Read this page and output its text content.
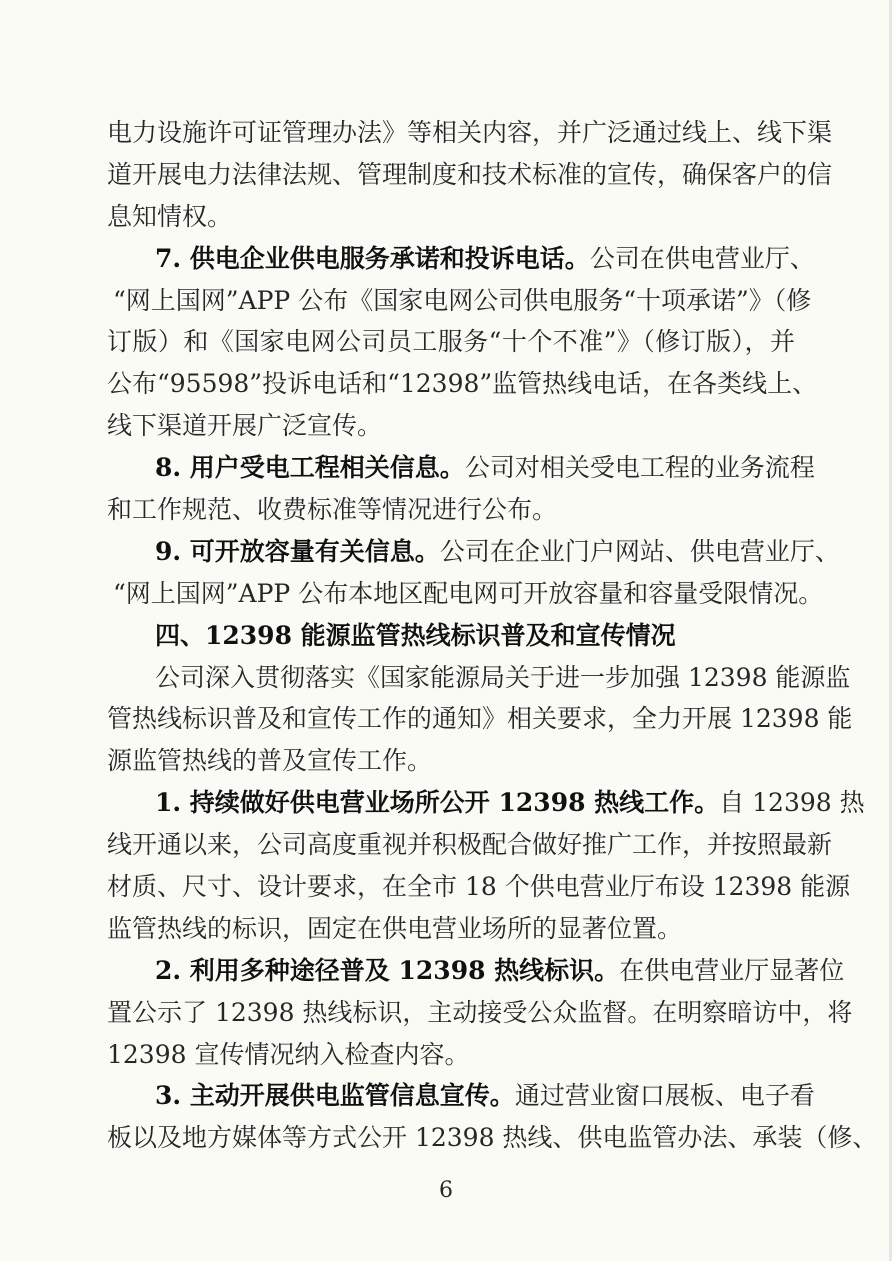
电力设施许可证管理办法》等相关内容，并广泛通过线上、线下渠
道开展电力法律法规、管理制度和技术标准的宣传，确保客户的信
息知情权。
7. 供电企业供电服务承诺和投诉电话。公司在供电营业厅、
“网上国网”APP 公布《国家电网公司供电服务“十项承诺”》（修
订版）和《国家电网公司员工服务“十个不准”》（修订版），并
公布“95598”投诉电话和“12398”监管热线电话，在各类线上、
线下渠道开展广泛宣传。
8. 用户受电工程相关信息。公司对相关受电工程的业务流程
和工作规范、收费标准等情况进行公布。
9. 可开放容量有关信息。公司在企业门户网站、供电营业厅、
“网上国网”APP 公布本地区配电网可开放容量和容量受限情况。
四、12398 能源监管热线标识普及和宣传情况
公司深入贯彻落实《国家能源局关于进一步加强 12398 能源监
管热线标识普及和宣传工作的通知》相关要求，全力开展 12398 能
源监管热线的普及宣传工作。
1. 持续做好供电营业场所公开 12398 热线工作。自 12398 热
线开通以来，公司高度重视并积极配合做好推广工作，并按照最新
材质、尺寸、设计要求，在全市 18 个供电营业厅布设 12398 能源
监管热线的标识，固定在供电营业场所的显著位置。
2. 利用多种途径普及 12398 热线标识。在供电营业厅显著位
置公示了 12398 热线标识，主动接受公众监督。在明察暗访中，将
12398 宣传情况纳入检查内容。
3. 主动开展供电监管信息宣传。通过营业窗口展板、电子看
板以及地方媒体等方式公开 12398 热线、供电监管办法、承装（修、
6
